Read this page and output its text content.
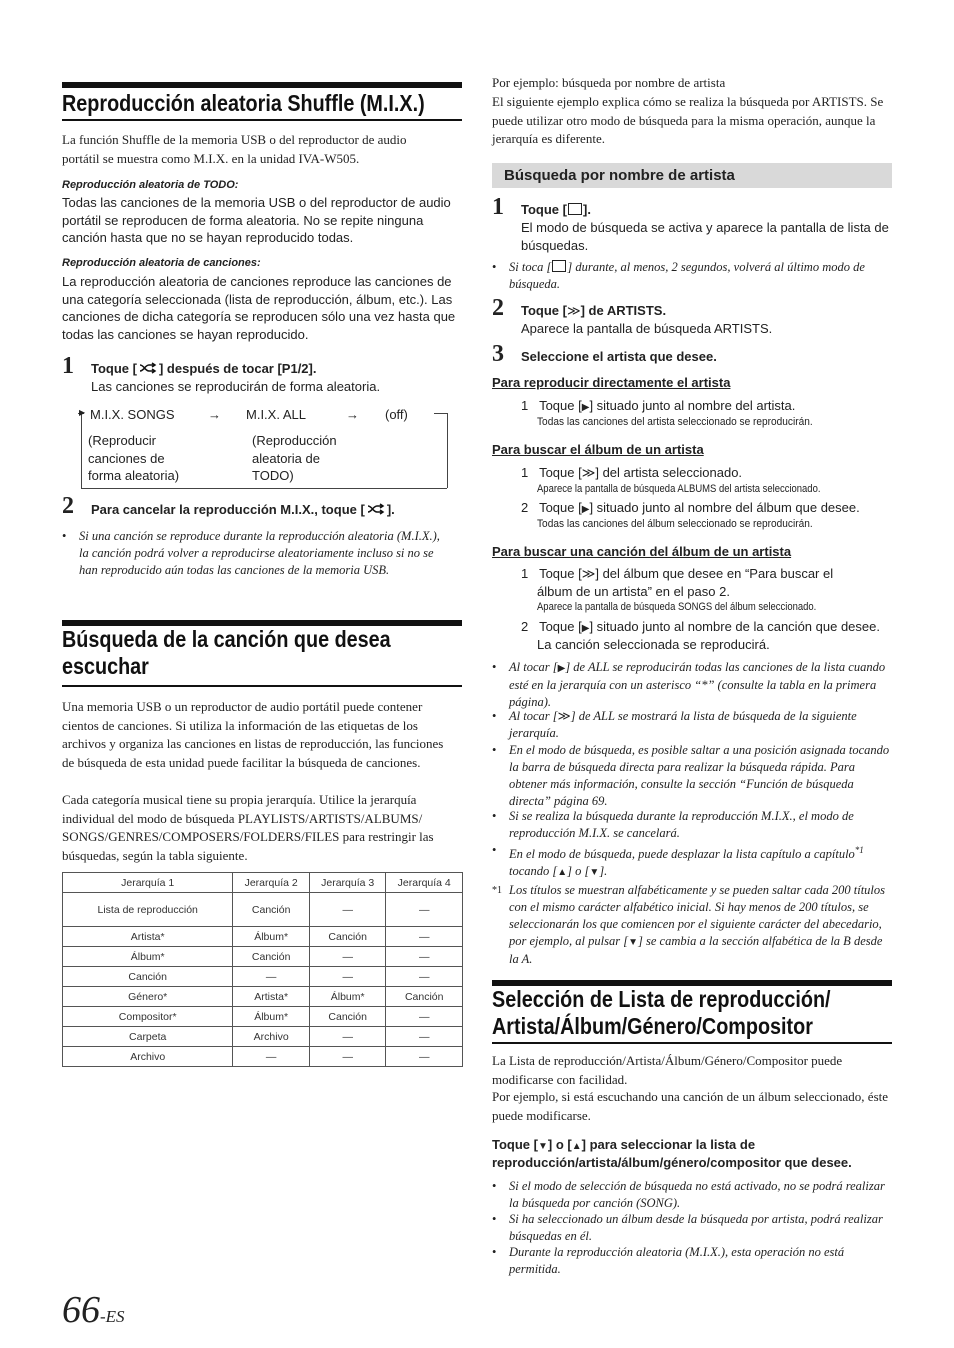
Reproducción aleatoria Shuffle (M.I.X.)
La función Shuffle de la memoria USB o del reproductor de audio portátil se muestra como M.I.X. en la unidad IVA-W505.
Reproducción aleatoria de TODO:
Todas las canciones de la memoria USB o del reproductor de audio portátil se reproducen de forma aleatoria. No se repite ninguna canción hasta que no se hayan reproducido todas.
Reproducción aleatoria de canciones:
La reproducción aleatoria de canciones reproduce las canciones de una categoría seleccionada (lista de reproducción, álbum, etc.). Las canciones de dicha categoría se reproducen sólo una vez hasta que todas las canciones se hayan reproducido.
1 Toque [ ] después de tocar [P1/2].
Las canciones se reproducirán de forma aleatoria.
▶ M.I.X. SONGS	→ M.I.X. ALL	→ (off)
(Reproducir
canciones de
forma aleatoria)
(Reproducción
aleatoria de
TODO)
2 Para cancelar la reproducción M.I.X., toque [ ].
• Si una canción se reproduce durante la reproducción aleatoria (M.I.X.), la canción podrá volver a reproducirse aleatoriamente incluso si no se han reproducido aún todas las canciones de la memoria USB.
Búsqueda de la canción que desea
escuchar
Una memoria USB o un reproductor de audio portátil puede contener cientos de canciones. Si utiliza la información de las etiquetas de los archivos y organiza las canciones en listas de reproducción, las funciones de búsqueda de esta unidad puede facilitar la búsqueda de canciones.
Cada categoría musical tiene su propia jerarquía. Utilice la jerarquía individual del modo de búsqueda PLAYLISTS/ARTISTS/ALBUMS/ SONGS/GENRES/COMPOSERS/FOLDERS/FILES para restringir las búsquedas, según la tabla siguiente.
Jerarquía 1	Jerarquía 2	Jerarquía 3	Jerarquía 4
Lista de reproducción	Canción	—	—
Artista*	Álbum*	Canción	—
Álbum*	Canción	—	—
Canción	—	—	—
Género*	Artista*	Álbum*	Canción
Compositor*	Álbum*	Canción	—
Carpeta	Archivo	—	—
Archivo	—	—	—
66-ES
Por ejemplo: búsqueda por nombre de artista
El siguiente ejemplo explica cómo se realiza la búsqueda por ARTISTS. Se puede utilizar otro modo de búsqueda para la misma operación, aunque la jerarquía es diferente.
Búsqueda por nombre de artista
1 Toque [ ].
El modo de búsqueda se activa y aparece la pantalla de lista de búsquedas.
• Si toca [ ] durante, al menos, 2 segundos, volverá al último modo de búsqueda.
2 Toque [≫] de ARTISTS.
Aparece la pantalla de búsqueda ARTISTS.
3 Seleccione el artista que desee.
Para reproducir directamente el artista
1 Toque [▶] situado junto al nombre del artista.
Todas las canciones del artista seleccionado se reproducirán.
Para buscar el álbum de un artista
1 Toque [≫] del artista seleccionado.
Aparece la pantalla de búsqueda ALBUMS del artista seleccionado.
2 Toque [▶] situado junto al nombre del álbum que desee.
Todas las canciones del álbum seleccionado se reproducirán.
Para buscar una canción del álbum de un artista
1 Toque [≫] del álbum que desee en “Para buscar el
álbum de un artista” en el paso 2.
Aparece la pantalla de búsqueda SONGS del álbum seleccionado.
2 Toque [▶] situado junto al nombre de la canción que desee.
La canción seleccionada se reproducirá.
• Al tocar [▶] de ALL se reproducirán todas las canciones de la lista cuando esté en la jerarquía con un asterisco “*” (consulte la tabla en la primera página).
• Al tocar [≫] de ALL se mostrará la lista de búsqueda de la siguiente jerarquía.
• En el modo de búsqueda, es posible saltar a una posición asignada tocando la barra de búsqueda directa para realizar la búsqueda rápida. Para obtener más información, consulte la sección “Función de búsqueda directa” página 69.
• Si se realiza la búsqueda durante la reproducción M.I.X., el modo de reproducción M.I.X. se cancelará.
• En el modo de búsqueda, puede desplazar la lista capítulo a capítulo$^{*1}$ tocando [▲] o [▼].
*1 Los títulos se muestran alfabéticamente y se pueden saltar cada 200 títulos con el mismo carácter alfabético inicial. Si hay menos de 200 títulos, se seleccionarán los que comiencen por el siguiente carácter del abecedario, por ejemplo, al pulsar [▼] se cambia a la sección alfabética de la B desde la A.
Selección de Lista de reproducción/
Artista/Álbum/Género/Compositor
La Lista de reproducción/Artista/Álbum/Género/Compositor puede modificarse con facilidad.
Por ejemplo, si está escuchando una canción de un álbum seleccionado, éste puede modificarse.
Toque [▼] o [▲] para seleccionar la lista de
reproducción/artista/álbum/género/compositor que desee.
• Si el modo de selección de búsqueda no está activado, no se podrá realizar la búsqueda por canción (SONG).
• Si ha seleccionado un álbum desde la búsqueda por artista, podrá realizar búsquedas en él.
• Durante la reproducción aleatoria (M.I.X.), esta operación no está permitida.
